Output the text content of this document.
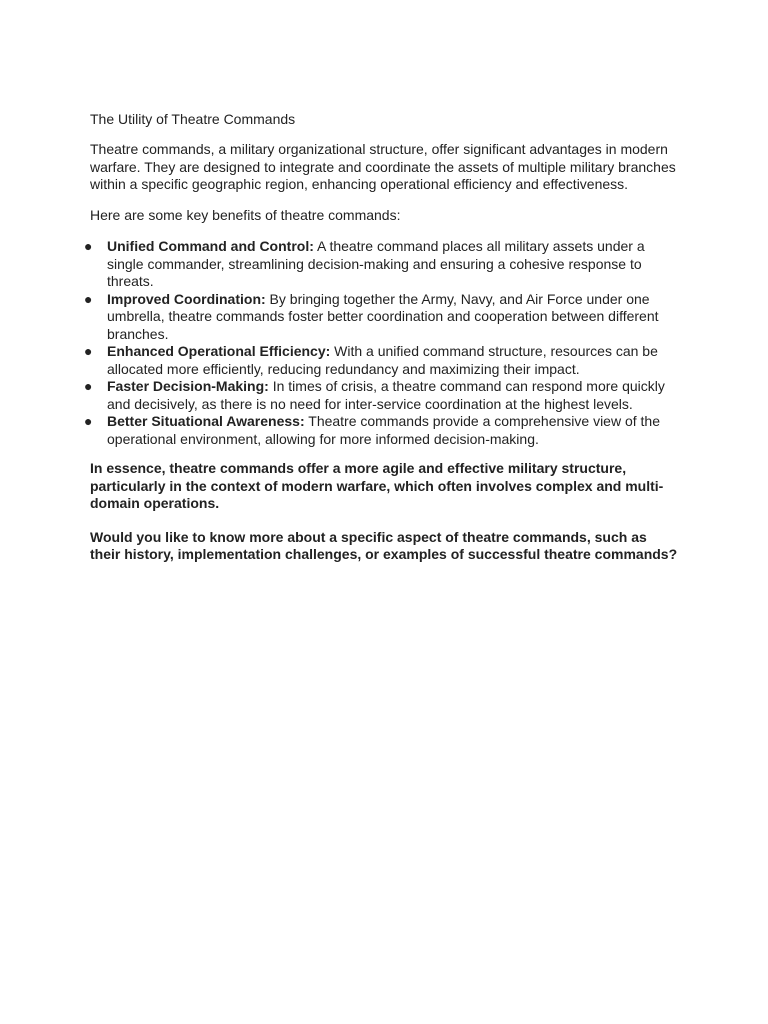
The Utility of Theatre Commands

Theatre commands, a military organizational structure, offer significant advantages in modern warfare. They are designed to integrate and coordinate the assets of multiple military branches within a specific geographic region, enhancing operational efficiency and effectiveness.

Here are some key benefits of theatre commands:

● Unified Command and Control: A theatre command places all military assets under a single commander, streamlining decision-making and ensuring a cohesive response to threats.
● Improved Coordination: By bringing together the Army, Navy, and Air Force under one umbrella, theatre commands foster better coordination and cooperation between different branches.
● Enhanced Operational Efficiency: With a unified command structure, resources can be allocated more efficiently, reducing redundancy and maximizing their impact.
● Faster Decision-Making: In times of crisis, a theatre command can respond more quickly and decisively, as there is no need for inter-service coordination at the highest levels.
● Better Situational Awareness: Theatre commands provide a comprehensive view of the operational environment, allowing for more informed decision-making.

In essence, theatre commands offer a more agile and effective military structure, particularly in the context of modern warfare, which often involves complex and multi-domain operations.

Would you like to know more about a specific aspect of theatre commands, such as their history, implementation challenges, or examples of successful theatre commands?
